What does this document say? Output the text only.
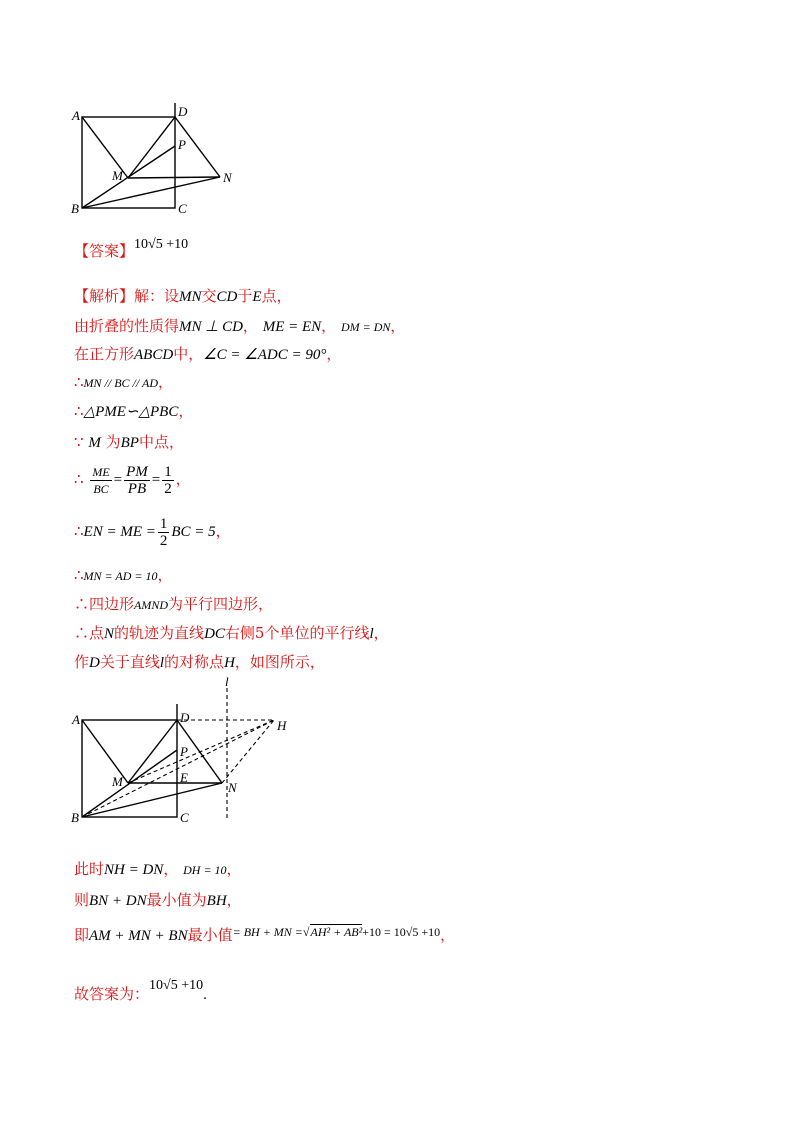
A	D
P
M	N
B	C
【答案】10√5 +10
【解析】解：设MN交CD于E点，
由折叠的性质得MN ⊥ CD， ME = EN， DM = DN，
在正方形ABCD中，∠C = ∠ADC = 90°，
∴MN // BC // AD，
∴△PME∽△PBC，
∵ M 为BP中点，
∴ $\frac{ME}{BC} = \frac{PM}{PB} = \frac{1}{2}$ ，
∴EN = ME = $\frac{1}{2}$ BC = 5，
∴MN = AD = 10，
∴四边形AMND为平行四边形，
∴点N的轨迹为直线DC右侧5个单位的平行线l，
作D关于直线l的对称点H，如图所示，
l
A	D
H
P
E
M	N
B	C
此时NH = DN， DH = 10，
则BN + DN最小值为BH，
即AM + MN + BN最小值$^{= BH + MN =√AH^2 + AB^2+10 = 10√5 +10}$，
故答案为：10√5 +10.
